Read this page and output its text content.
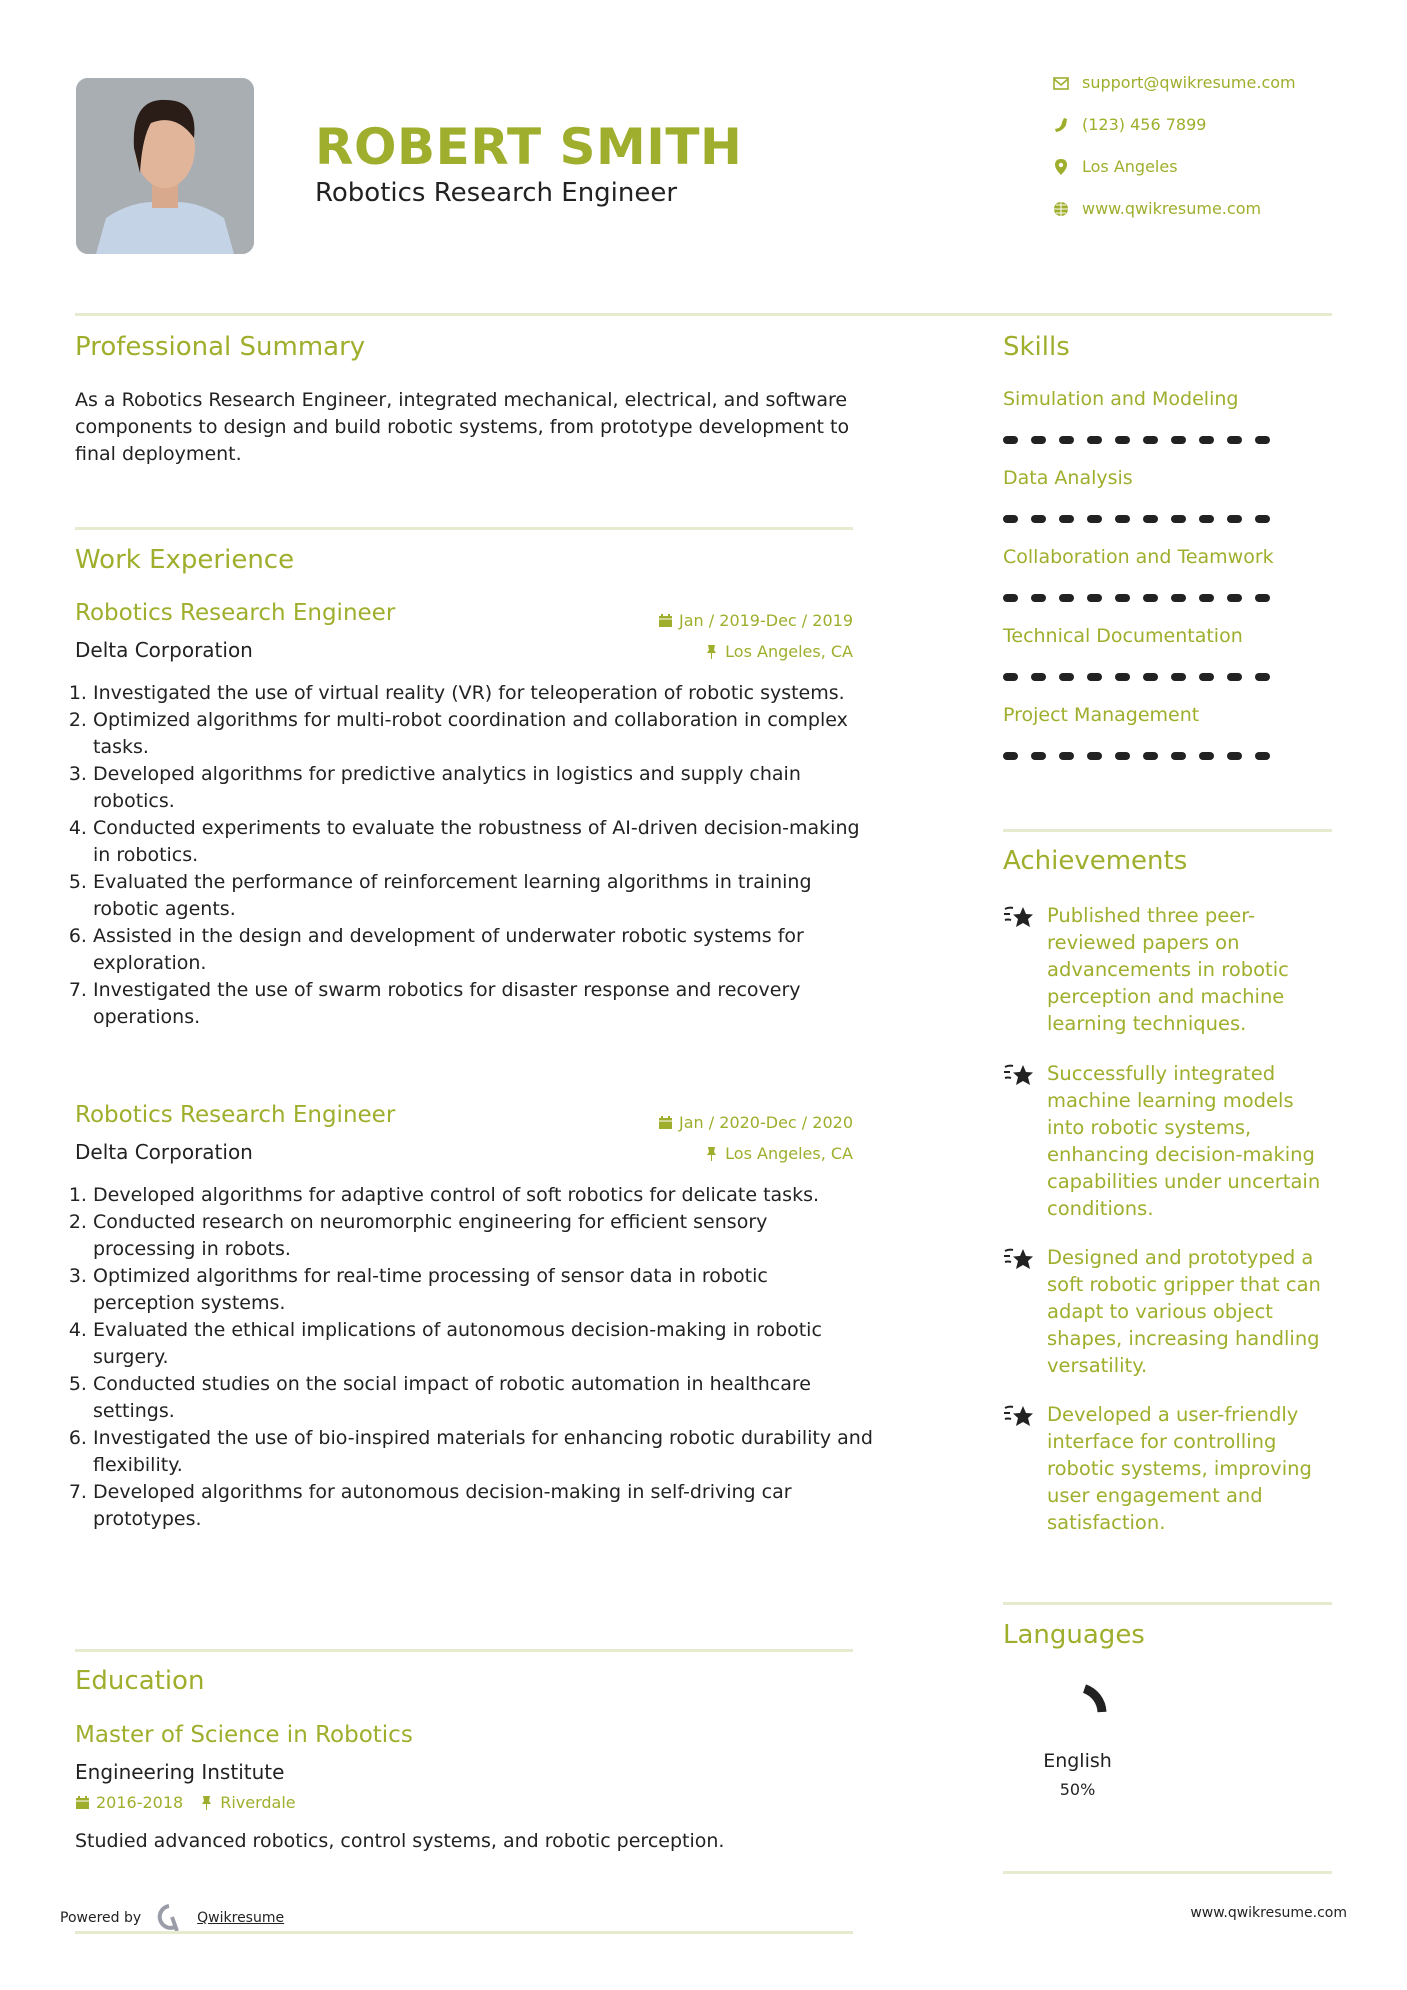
ROBERT SMITH
Robotics Research Engineer
support@qwikresume.com
(123) 456 7899
Los Angeles
www.qwikresume.com
Professional Summary
As a Robotics Research Engineer, integrated mechanical, electrical, and software components to design and build robotic systems, from prototype development to final deployment.
Work Experience
Robotics Research Engineer	Jan / 2019-Dec / 2019
Delta Corporation	Los Angeles, CA
1. Investigated the use of virtual reality (VR) for teleoperation of robotic systems.
2. Optimized algorithms for multi-robot coordination and collaboration in complex tasks.
3. Developed algorithms for predictive analytics in logistics and supply chain robotics.
4. Conducted experiments to evaluate the robustness of AI-driven decision-making in robotics.
5. Evaluated the performance of reinforcement learning algorithms in training robotic agents.
6. Assisted in the design and development of underwater robotic systems for exploration.
7. Investigated the use of swarm robotics for disaster response and recovery operations.
Robotics Research Engineer	Jan / 2020-Dec / 2020
Delta Corporation	Los Angeles, CA
1. Developed algorithms for adaptive control of soft robotics for delicate tasks.
2. Conducted research on neuromorphic engineering for efficient sensory processing in robots.
3. Optimized algorithms for real-time processing of sensor data in robotic perception systems.
4. Evaluated the ethical implications of autonomous decision-making in robotic surgery.
5. Conducted studies on the social impact of robotic automation in healthcare settings.
6. Investigated the use of bio-inspired materials for enhancing robotic durability and flexibility.
7. Developed algorithms for autonomous decision-making in self-driving car prototypes.
Education
Master of Science in Robotics
Engineering Institute
2016-2018 Riverdale
Studied advanced robotics, control systems, and robotic perception.
Skills
Simulation and Modeling
Data Analysis
Collaboration and Teamwork
Technical Documentation
Project Management
Achievements
Published three peer-reviewed papers on advancements in robotic perception and machine learning techniques.
Successfully integrated machine learning models into robotic systems, enhancing decision-making capabilities under uncertain conditions.
Designed and prototyped a soft robotic gripper that can adapt to various object shapes, increasing handling versatility.
Developed a user-friendly interface for controlling robotic systems, improving user engagement and satisfaction.
Languages
English
50%
Powered by	Qwikresume	www.qwikresume.com
